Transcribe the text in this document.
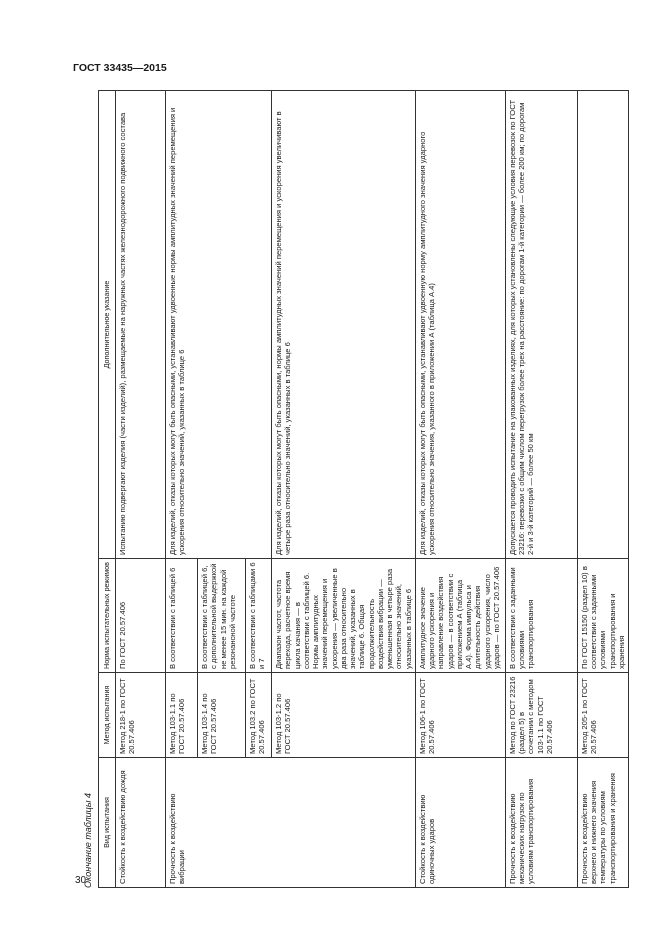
ГОСТ 33435—2015
30
Окончание таблицы 4 Вид испытания	Метод испытания	Норма испытательных режимов	Дополнительное указание
Стойкость к воздействию дождя	Метод 218-1 по ГОСТ 20.57.406	По ГОСТ 20.57.406	Испытанию подвергают изделия (части изделий), размещаемые на наружных частях железнодорожного подвижного состава
Прочность к воздействию вибрации	Метод 103-1.1 по ГОСТ 20.57.406	В соответствии с таблицей 6	Для изделий, отказы которых могут быть опасными, устанавливают удвоенные нормы амплитудных значений перемещения и ускорения относительно значений, указанных в таблице 6
	Метод 103-1.4 по ГОСТ 20.57.406	В соответствии с таблицей 6, с дополнительной выдержкой не менее 15 мин. на каждой резонансной частоте	
	Метод 103.2 по ГОСТ 20.57.406	В соответствии с таблицами 6 и 7	
	Метод 103-1.2 по ГОСТ 20.57.406	Диапазон частот, частота перехода, расчетное время цикла качания — в соответствии с таблицей 6. Нормы амплитудных значений перемещения и ускорения — увеличенные в два раза относительно значений, указанных в таблице 6. Общая продолжительность воздействия вибрации — уменьшенная в четыре раза относительно значений, указанных в таблице 6	Для изделий, отказы которых могут быть опасными, нормы амплитудных значений перемещения и ускорения увеличивают в четыре раза относительно значений, указанных в таблице 6
Стойкость к воздействию одиночных ударов	Метод 106-1 по ГОСТ 20.57.406	Амплитудное значение ударного ускорения и направление воздействия ударов — в соответствии с приложением А (таблица А.4). Форма импульса и длительность действия ударного ускорения, число ударов — по ГОСТ 20.57.406	Для изделий, отказы которых могут быть опасными, устанавливают удвоенную норму амплитудного значения ударного ускорения относительно значения, указанного в приложении А (таблица А.4)
Прочность к воздействию механических нагрузок по условиям транспортирования	Метод по ГОСТ 23216 (раздел 5) в сочетании с методом 103-1.1 по ГОСТ 20.57.406	В соответствии с заданными условиями транспортирования	Допускается проводить испытание на упакованных изделиях, для которых установлены следующие условия перевозок по ГОСТ 23216: перевозки с общим числом перегрузок более трех на расстояние: по дорогам 1-й категории — более 200 км; по дорогам 2-й и 3-й категорий — более 50 км
Прочность к воздействию верхнего и нижнего значения температуры по условиям транспортирования и хранения	Метод 205-1 по ГОСТ 20.57.406	По ГОСТ 15150 (раздел 10) в соответствии с заданными условиями транспортирования и хранения	
